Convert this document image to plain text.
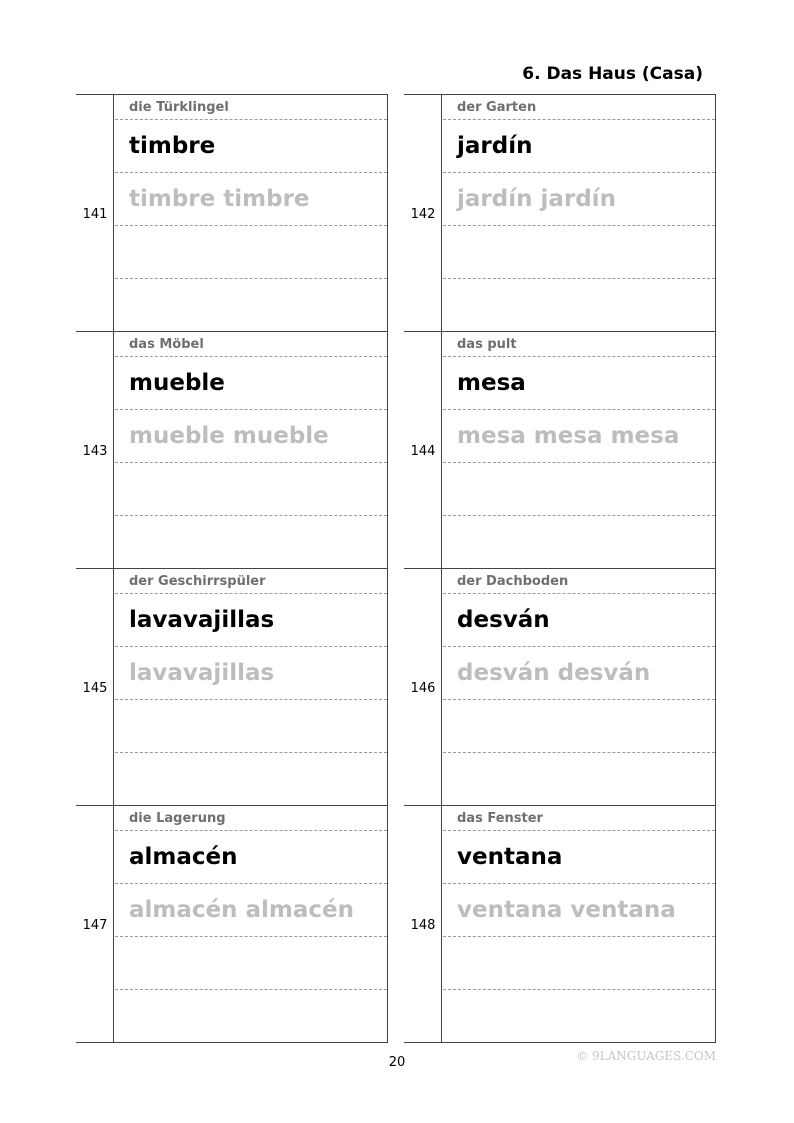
6. Das Haus (Casa)
141
die Türklingel
timbre
timbre timbre
143
das Möbel
mueble
mueble mueble
145
der Geschirrspüler
lavavajillas
lavavajillas
147
die Lagerung
almacén
almacén almacén
142
der Garten
jardín
jardín jardín
144
das pult
mesa
mesa mesa mesa
146
der Dachboden
desván
desván desván
148
das Fenster
ventana
ventana ventana
20	© 9LANGUAGES.COM
